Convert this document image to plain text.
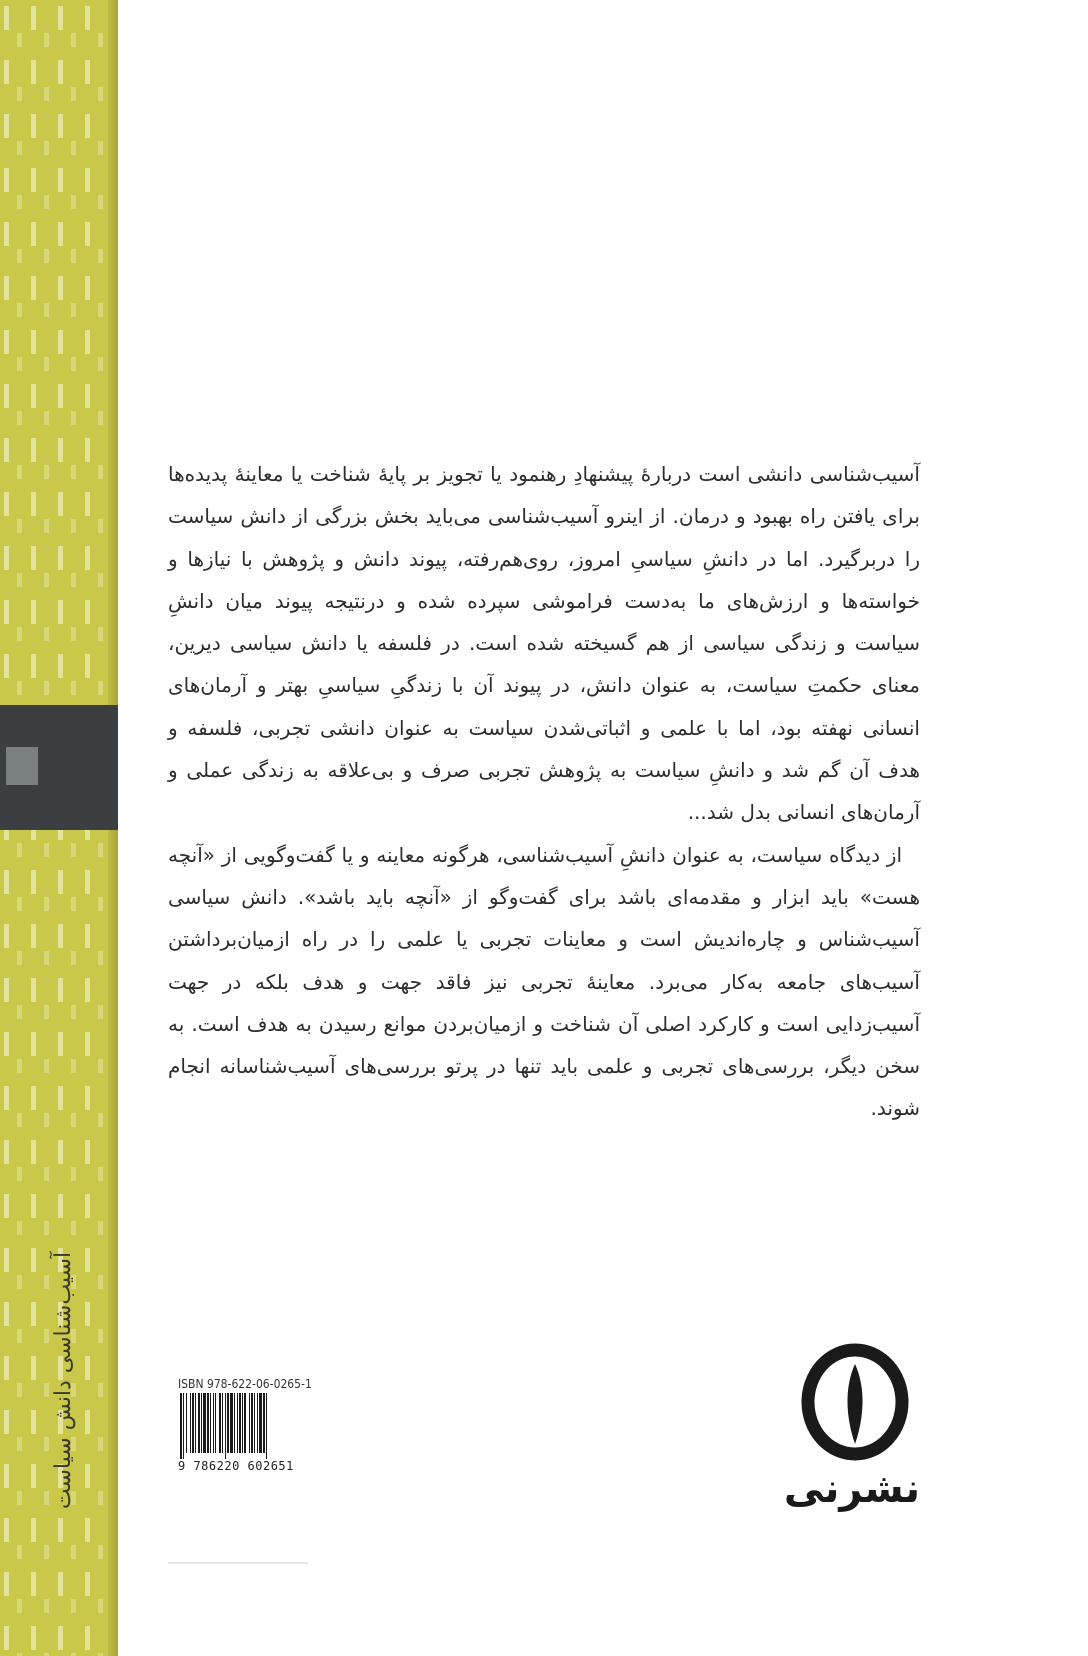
آسیب‌شناسی دانش سیاست

آسیب‌شناسی دانشی است دربارهٔ پیشنهادِ رهنمود یا تجویز بر پایهٔ شناخت یا معاینهٔ پدیده‌ها برای یافتن راه بهبود و درمان. از اینرو آسیب‌شناسی می‌باید بخش بزرگی از دانش سیاست را دربرگیرد. اما در دانشِ سیاسیِ امروز، روی‌هم‌رفته، پیوند دانش و پژوهش با نیازها و خواسته‌ها و ارزش‌های ما به‌دست فراموشی سپرده شده و درنتیجه پیوند میان دانشِ سیاست و زندگی سیاسی از هم گسیخته شده است. در فلسفه یا دانش سیاسی دیرین، معنای حکمتِ سیاست، به عنوان دانش، در پیوند آن با زندگیِ سیاسیِ بهتر و آرمان‌های انسانی نهفته بود، اما با علمی و اثباتی‌شدن سیاست به عنوان دانشی تجربی، فلسفه و هدف آن گم شد و دانشِ سیاست به پژوهش تجربی صرف و بی‌علاقه به زندگی عملی و آرمان‌های انسانی بدل شد...

از دیدگاه سیاست، به عنوان دانشِ آسیب‌شناسی، هرگونه معاینه و یا گفت‌وگویی از «آنچه هست» باید ابزار و مقدمه‌ای باشد برای گفت‌وگو از «آنچه باید باشد». دانش سیاسی آسیب‌شناس و چاره‌اندیش است و معاینات تجربی یا علمی را در راه ازمیان‌برداشتن آسیب‌های جامعه به‌کار می‌برد. معاینهٔ تجربی نیز فاقد جهت و هدف بلکه در جهت آسیب‌زدایی است و کارکرد اصلی آن شناخت و ازمیان‌بردن موانع رسیدن به هدف است. به سخن دیگر، بررسی‌های تجربی و علمی باید تنها در پرتو بررسی‌های آسیب‌شناسانه انجام شوند.

ISBN 978-622-06-0265-1
9 786220 602651	نشرنی
